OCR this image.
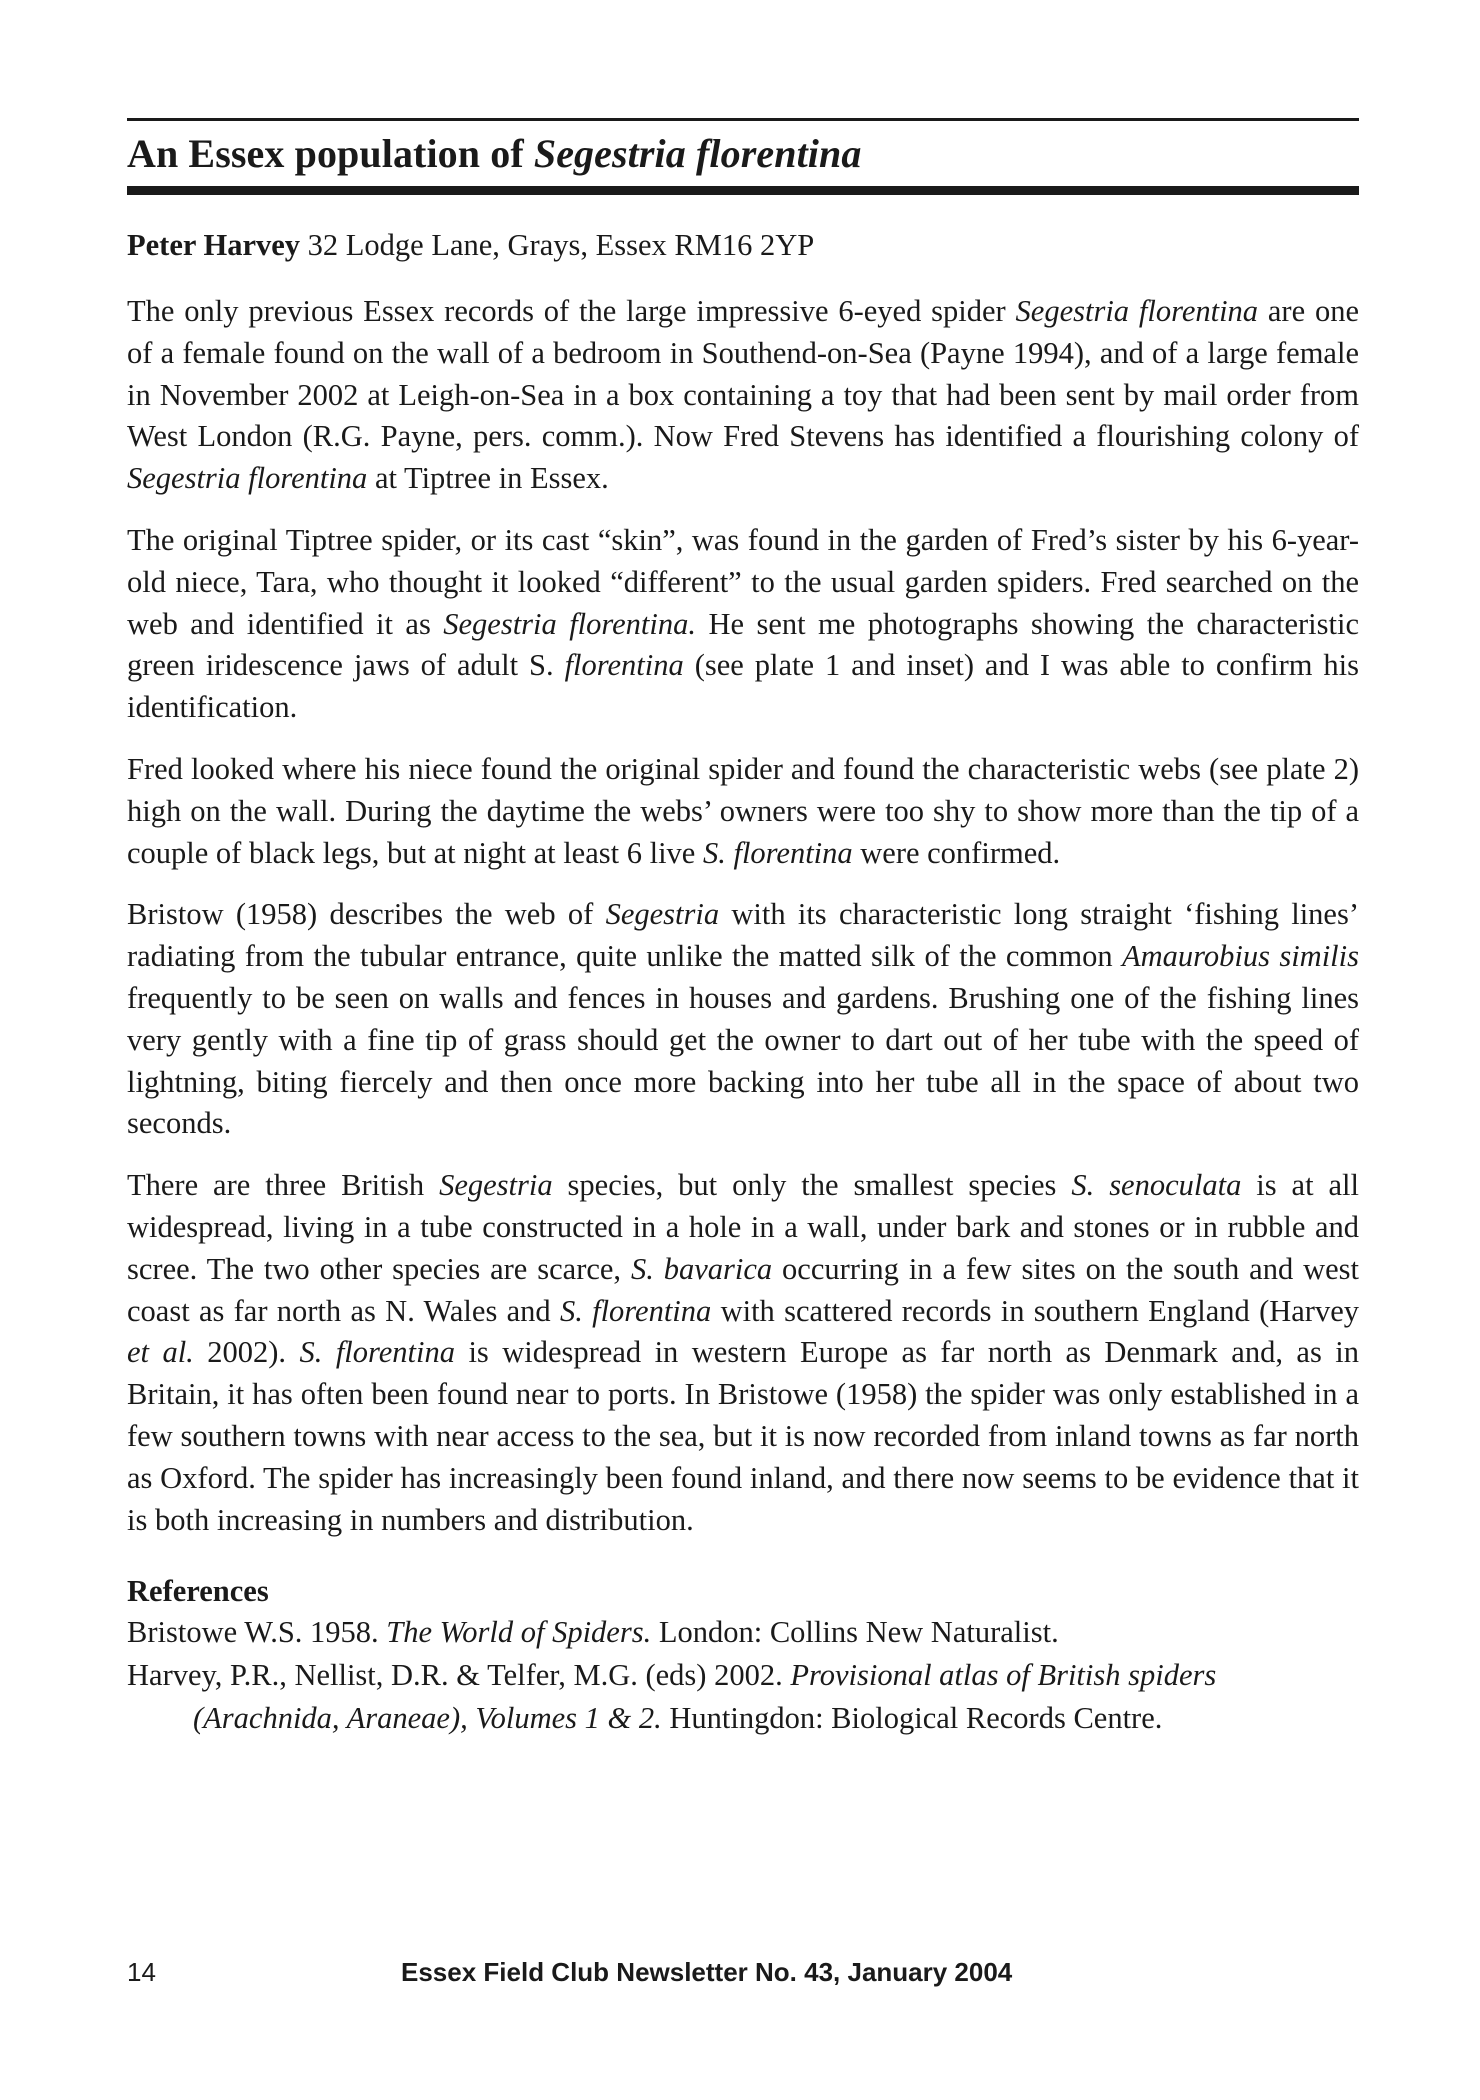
An Essex population of Segestria florentina

Peter Harvey 32 Lodge Lane, Grays, Essex RM16 2YP

The only previous Essex records of the large impressive 6-eyed spider Segestria florentina are one of a female found on the wall of a bedroom in Southend-on-Sea (Payne 1994), and of a large female in November 2002 at Leigh-on-Sea in a box containing a toy that had been sent by mail order from West London (R.G. Payne, pers. comm.). Now Fred Stevens has identified a flourishing colony of Segestria florentina at Tiptree in Essex.

The original Tiptree spider, or its cast “skin”, was found in the garden of Fred’s sister by his 6-year-old niece, Tara, who thought it looked “different” to the usual garden spiders. Fred searched on the web and identified it as Segestria florentina. He sent me photographs showing the characteristic green iridescence jaws of adult S. florentina (see plate 1 and inset) and I was able to confirm his identification.

Fred looked where his niece found the original spider and found the characteristic webs (see plate 2) high on the wall. During the daytime the webs’ owners were too shy to show more than the tip of a couple of black legs, but at night at least 6 live S. florentina were confirmed.

Bristow (1958) describes the web of Segestria with its characteristic long straight ‘fishing lines’ radiating from the tubular entrance, quite unlike the matted silk of the common Amaurobius similis frequently to be seen on walls and fences in houses and gardens. Brushing one of the fishing lines very gently with a fine tip of grass should get the owner to dart out of her tube with the speed of lightning, biting fiercely and then once more backing into her tube all in the space of about two seconds.

There are three British Segestria species, but only the smallest species S. senoculata is at all widespread, living in a tube constructed in a hole in a wall, under bark and stones or in rubble and scree. The two other species are scarce, S. bavarica occurring in a few sites on the south and west coast as far north as N. Wales and S. florentina with scattered records in southern England (Harvey et al. 2002). S. florentina is widespread in western Europe as far north as Denmark and, as in Britain, it has often been found near to ports. In Bristowe (1958) the spider was only established in a few southern towns with near access to the sea, but it is now recorded from inland towns as far north as Oxford. The spider has increasingly been found inland, and there now seems to be evidence that it is both increasing in numbers and distribution.

References

Bristowe W.S. 1958. The World of Spiders. London: Collins New Naturalist.

Harvey, P.R., Nellist, D.R. & Telfer, M.G. (eds) 2002. Provisional atlas of British spiders (Arachnida, Araneae), Volumes 1 & 2. Huntingdon: Biological Records Centre.

14	Essex Field Club Newsletter No. 43, January 2004
